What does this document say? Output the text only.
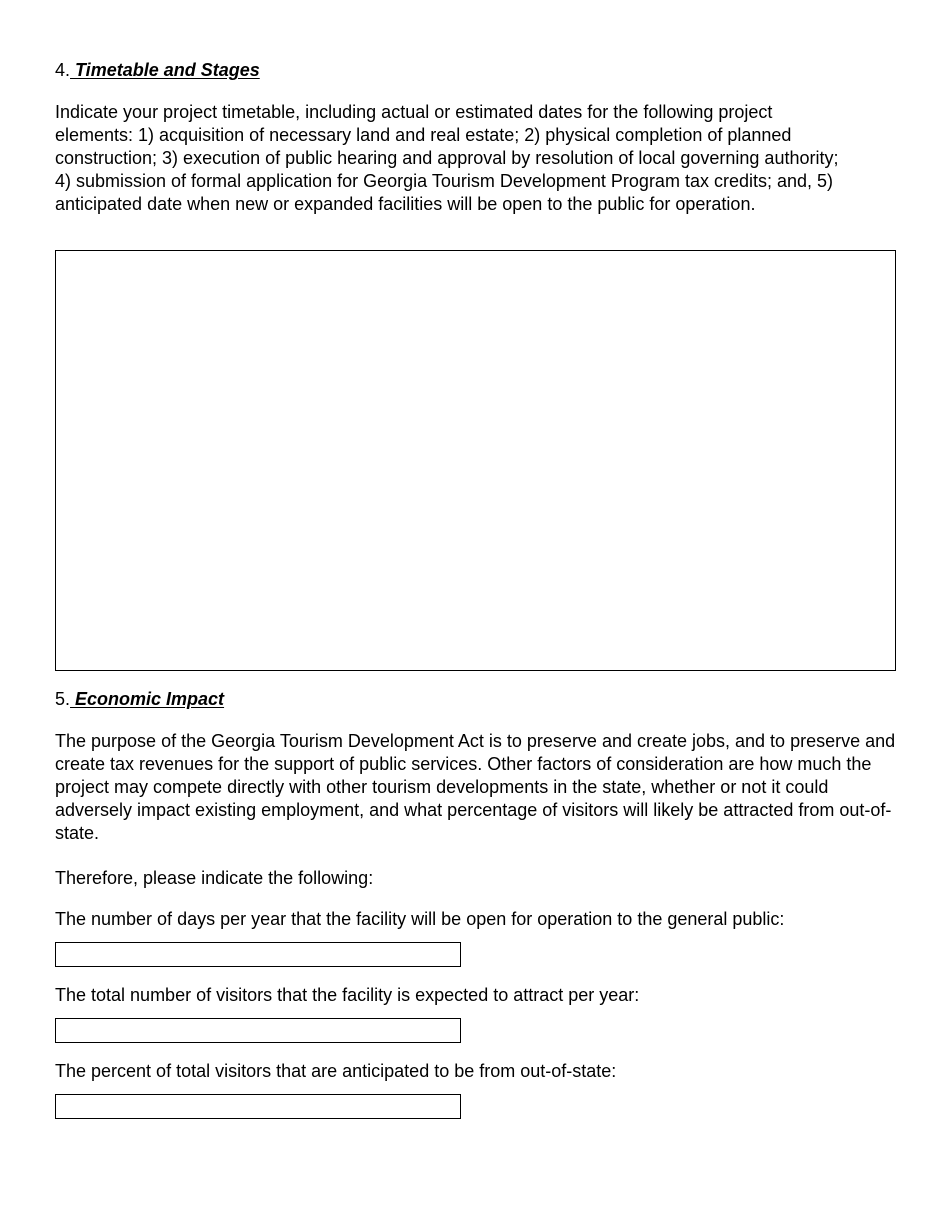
4. Timetable and Stages

Indicate your project timetable, including actual or estimated dates for the following project elements: 1) acquisition of necessary land and real estate; 2) physical completion of planned construction; 3) execution of public hearing and approval by resolution of local governing authority; 4) submission of formal application for Georgia Tourism Development Program tax credits; and, 5) anticipated date when new or expanded facilities will be open to the public for operation.

5. Economic Impact

The purpose of the Georgia Tourism Development Act is to preserve and create jobs, and to preserve and create tax revenues for the support of public services. Other factors of consideration are how much the project may compete directly with other tourism developments in the state, whether or not it could adversely impact existing employment, and what percentage of visitors will likely be attracted from out-of-state.

Therefore, please indicate the following:

The number of days per year that the facility will be open for operation to the general public:

The total number of visitors that the facility is expected to attract per year:

The percent of total visitors that are anticipated to be from out-of-state:
